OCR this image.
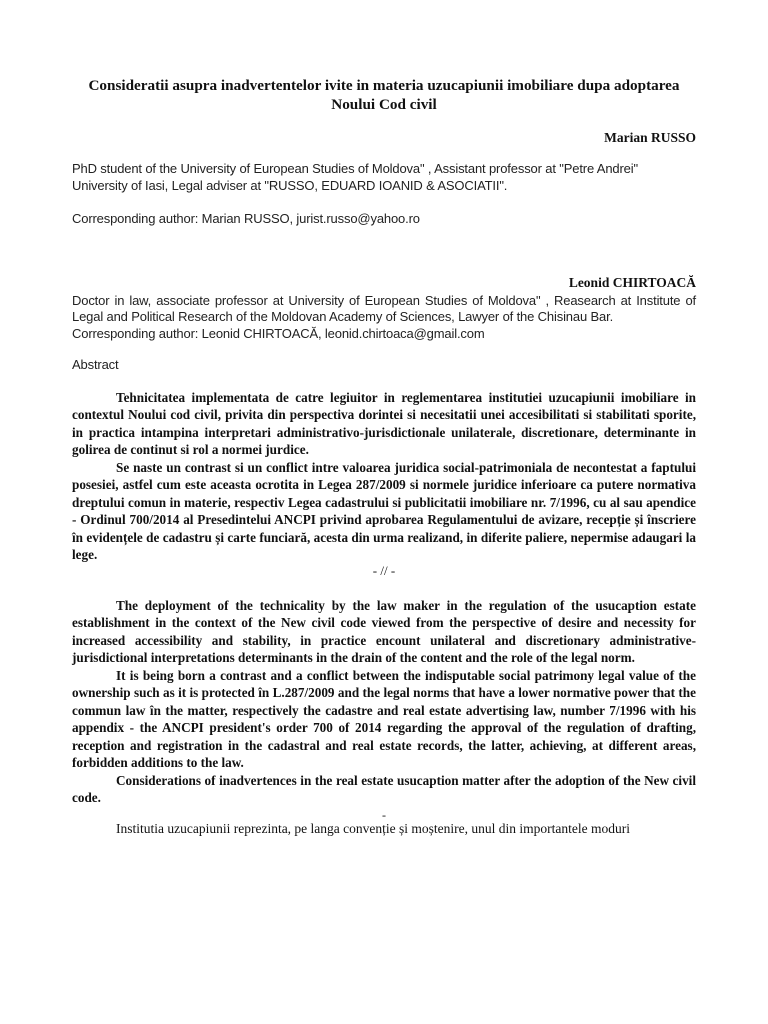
Consideratii asupra inadvertentelor ivite in materia uzucapiunii imobiliare dupa adoptarea Noului Cod civil
Marian RUSSO
PhD student of the University of European Studies of Moldova" , Assistant professor at "Petre Andrei" University of Iasi, Legal adviser at "RUSSO, EDUARD IOANID & ASOCIATII".
Corresponding author: Marian RUSSO, jurist.russo@yahoo.ro
Leonid CHIRTOACĂ
Doctor in law, associate professor at University of European Studies of Moldova" , Reasearch at Institute of Legal and Political Research of the Moldovan Academy of Sciences, Lawyer of the Chisinau Bar.
Corresponding author: Leonid CHIRTOACĂ, leonid.chirtoaca@gmail.com
Abstract

Tehnicitatea implementata de catre legiuitor in reglementarea institutiei uzucapiunii imobiliare in contextul Noului cod civil, privita din perspectiva dorintei si necesitatii unei accesibilitati si stabilitati sporite, in practica intampina interpretari administrativo-jurisdictionale unilaterale, discretionare, determinante in golirea de continut si rol a normei jurdice.

Se naste un contrast si un conflict intre valoarea juridica social-patrimoniala de necontestat a faptului posesiei, astfel cum este aceasta ocrotita in Legea 287/2009 si normele juridice inferioare ca putere normativa dreptului comun in materie, respectiv Legea cadastrului si publicitatii imobiliare nr. 7/1996, cu al sau apendice - Ordinul 700/2014 al Presedintelui ANCPI privind aprobarea Regulamentului de avizare, recepție și înscriere în evidențele de cadastru și carte funciară, acesta din urma realizand, in diferite paliere, nepermise adaugari la lege.

- // -

The deployment of the technicality by the law maker in the regulation of the usucaption estate establishment in the context of the New civil code viewed from the perspective of desire and necessity for increased accessibility and stability, in practice encount unilateral and discretionary administrative-jurisdictional interpretations determinants in the drain of the content and the role of the legal norm.

It is being born a contrast and a conflict between the indisputable social patrimony legal value of the ownership such as it is protected în L.287/2009 and the legal norms that have a lower normative power that the commun law în the matter, respectively the cadastre and real estate advertising law, number 7/1996 with his appendix - the ANCPI president's order 700 of 2014 regarding the approval of the regulation of drafting, reception and registration in the cadastral and real estate records, the latter, achieving, at different areas, forbidden additions to the law.

Considerations of inadvertences in the real estate usucaption matter after the adoption of the New civil code.

-

Institutia uzucapiunii reprezinta, pe langa convenție și moștenire, unul din importantele moduri
